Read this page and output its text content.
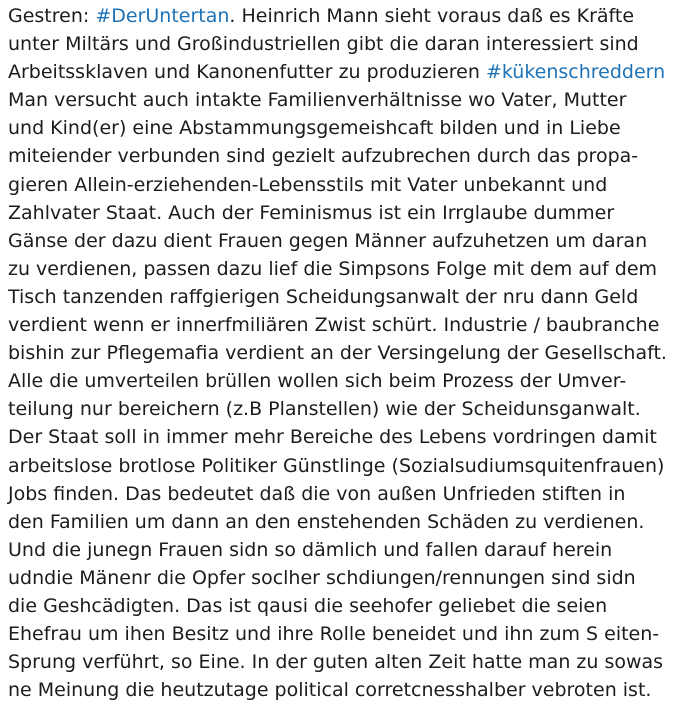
Gestren: #DerUntertan. Heinrich Mann sieht voraus daß es Kräfte
unter Miltärs und Großindustriellen gibt die daran interessiert sind
Arbeitssklaven und Kanonenfutter zu produzieren #kükenschreddern
Man versucht auch intakte Familienverhältnisse wo Vater, Mutter
und Kind(er) eine Abstammungsgemeishcaft bilden und in Liebe
miteiender verbunden sind gezielt aufzubrechen durch das propa-
gieren Allein-erziehenden-Lebensstils mit Vater unbekannt und
Zahlvater Staat. Auch der Feminismus ist ein Irrglaube dummer
Gänse der dazu dient Frauen gegen Männer aufzuhetzen um daran
zu verdienen, passen dazu lief die Simpsons Folge mit dem auf dem
Tisch tanzenden raffgierigen Scheidungsanwalt der nru dann Geld
verdient wenn er innerfmiliären Zwist schürt. Industrie / baubranche
bishin zur Pflegemafia verdient an der Versingelung der Gesellschaft.
Alle die umverteilen brüllen wollen sich beim Prozess der Umver-
teilung nur bereichern (z.B Planstellen) wie der Scheidunsganwalt.
Der Staat soll in immer mehr Bereiche des Lebens vordringen damit
arbeitslose brotlose Politiker Günstlinge (Sozialsudiumsquitenfrauen)
Jobs finden. Das bedeutet daß die von außen Unfrieden stiften in
den Familien um dann an den enstehenden Schäden zu verdienen.
Und die junegn Frauen sidn so dämlich und fallen darauf herein
udndie Mänenr die Opfer soclher schdiungen/rennungen sind sidn
die Geshcädigten. Das ist qausi die seehofer geliebet die seien
Ehefrau um ihen Besitz und ihre Rolle beneidet und ihn zum S eiten-
Sprung verführt, so Eine. In der guten alten Zeit hatte man zu sowas
ne Meinung die heutzutage political corretcnesshalber vebroten ist.
